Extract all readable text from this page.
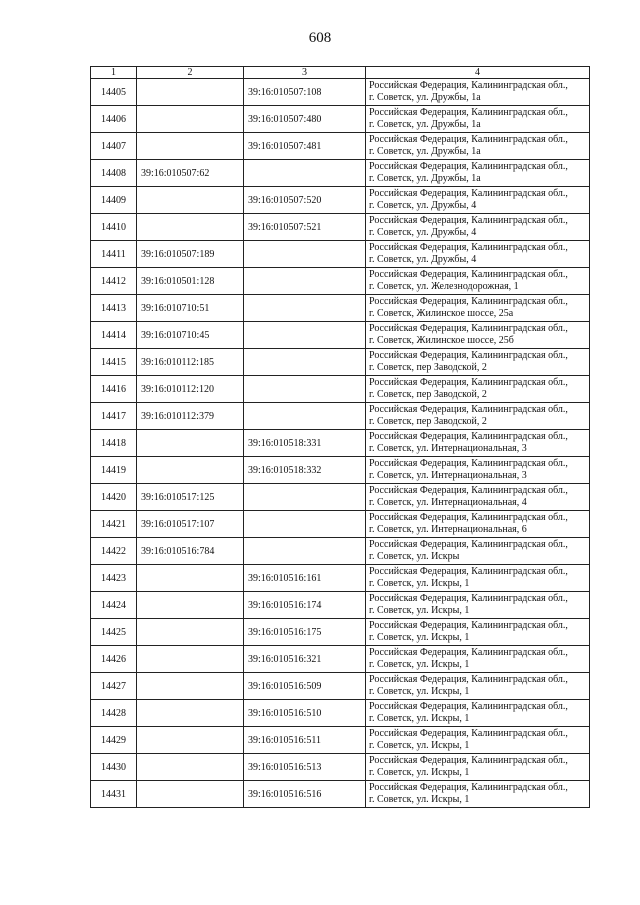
608
1	2	3	4
14405		39:16:010507:108	Российская Федерация, Калининградская обл.,
г. Советск, ул. Дружбы, 1а

14406		39:16:010507:480	Российская Федерация, Калининградская обл.,
г. Советск, ул. Дружбы, 1а

14407		39:16:010507:481	Российская Федерация, Калининградская обл.,
г. Советск, ул. Дружбы, 1а

14408	39:16:010507:62		Российская Федерация, Калининградская обл.,
г. Советск, ул. Дружбы, 1а

14409		39:16:010507:520	Российская Федерация, Калининградская обл.,
г. Советск, ул. Дружбы, 4

14410		39:16:010507:521	Российская Федерация, Калининградская обл.,
г. Советск, ул. Дружбы, 4

14411	39:16:010507:189		Российская Федерация, Калининградская обл.,
г. Советск, ул. Дружбы, 4

14412	39:16:010501:128		Российская Федерация, Калининградская обл.,
г. Советск, ул. Железнодорожная, 1

14413	39:16:010710:51		Российская Федерация, Калининградская обл.,
г. Советск, Жилинское шоссе, 25а

14414	39:16:010710:45		Российская Федерация, Калининградская обл.,
г. Советск, Жилинское шоссе, 25б

14415	39:16:010112:185		Российская Федерация, Калининградская обл.,
г. Советск, пер Заводской, 2

14416	39:16:010112:120		Российская Федерация, Калининградская обл.,
г. Советск, пер Заводской, 2

14417	39:16:010112:379		Российская Федерация, Калининградская обл.,
г. Советск, пер Заводской, 2

14418		39:16:010518:331	Российская Федерация, Калининградская обл.,
г. Советск, ул. Интернациональная, 3

14419		39:16:010518:332	Российская Федерация, Калининградская обл.,
г. Советск, ул. Интернациональная, 3

14420	39:16:010517:125		Российская Федерация, Калининградская обл.,
г. Советск, ул. Интернациональная, 4

14421	39:16:010517:107		Российская Федерация, Калининградская обл.,
г. Советск, ул. Интернациональная, 6

14422	39:16:010516:784		Российская Федерация, Калининградская обл.,
г. Советск, ул. Искры

14423		39:16:010516:161	Российская Федерация, Калининградская обл.,
г. Советск, ул. Искры, 1

14424		39:16:010516:174	Российская Федерация, Калининградская обл.,
г. Советск, ул. Искры, 1

14425		39:16:010516:175	Российская Федерация, Калининградская обл.,
г. Советск, ул. Искры, 1

14426		39:16:010516:321	Российская Федерация, Калининградская обл.,
г. Советск, ул. Искры, 1

14427		39:16:010516:509	Российская Федерация, Калининградская обл.,
г. Советск, ул. Искры, 1

14428		39:16:010516:510	Российская Федерация, Калининградская обл.,
г. Советск, ул. Искры, 1

14429		39:16:010516:511	Российская Федерация, Калининградская обл.,
г. Советск, ул. Искры, 1

14430		39:16:010516:513	Российская Федерация, Калининградская обл.,
г. Советск, ул. Искры, 1

14431		39:16:010516:516	Российская Федерация, Калининградская обл.,
г. Советск, ул. Искры, 1
